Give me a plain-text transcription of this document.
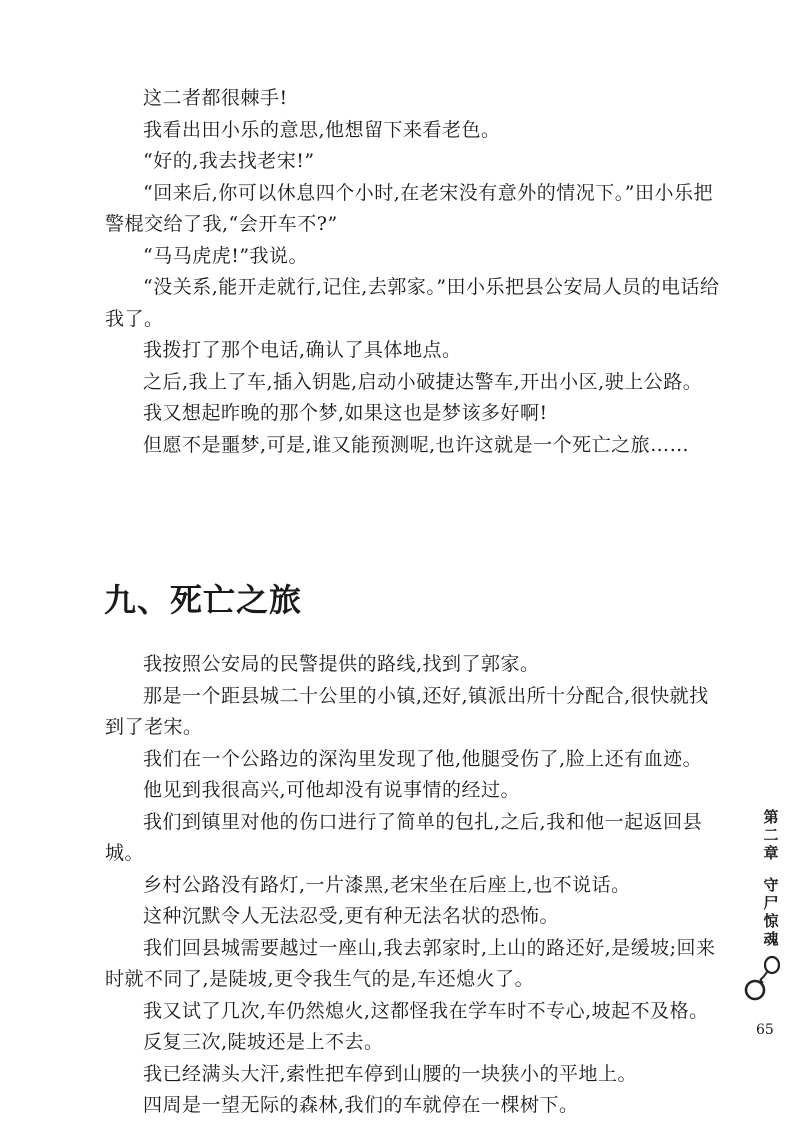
这二者都很棘手!

我看出田小乐的意思,他想留下来看老色。

“好的,我去找老宋!”

“回来后,你可以休息四个小时,在老宋没有意外的情况下。”田小乐把警棍交给了我,“会开车不?”

“马马虎虎!”我说。

“没关系,能开走就行,记住,去郭家。”田小乐把县公安局人员的电话给我了。

我拨打了那个电话,确认了具体地点。

之后,我上了车,插入钥匙,启动小破捷达警车,开出小区,驶上公路。

我又想起昨晚的那个梦,如果这也是梦该多好啊!

但愿不是噩梦,可是,谁又能预测呢,也许这就是一个死亡之旅……

九、死亡之旅

我按照公安局的民警提供的路线,找到了郭家。

那是一个距县城二十公里的小镇,还好,镇派出所十分配合,很快就找到了老宋。

我们在一个公路边的深沟里发现了他,他腿受伤了,脸上还有血迹。

他见到我很高兴,可他却没有说事情的经过。

我们到镇里对他的伤口进行了简单的包扎,之后,我和他一起返回县城。

乡村公路没有路灯,一片漆黑,老宋坐在后座上,也不说话。

这种沉默令人无法忍受,更有种无法名状的恐怖。

我们回县城需要越过一座山,我去郭家时,上山的路还好,是缓坡;回来时就不同了,是陡坡,更令我生气的是,车还熄火了。

我又试了几次,车仍然熄火,这都怪我在学车时不专心,坡起不及格。

反复三次,陡坡还是上不去。

我已经满头大汗,索性把车停到山腰的一块狭小的平地上。

四周是一望无际的森林,我们的车就停在一棵树下。

第
二
章
守
尸
惊
魂
65
